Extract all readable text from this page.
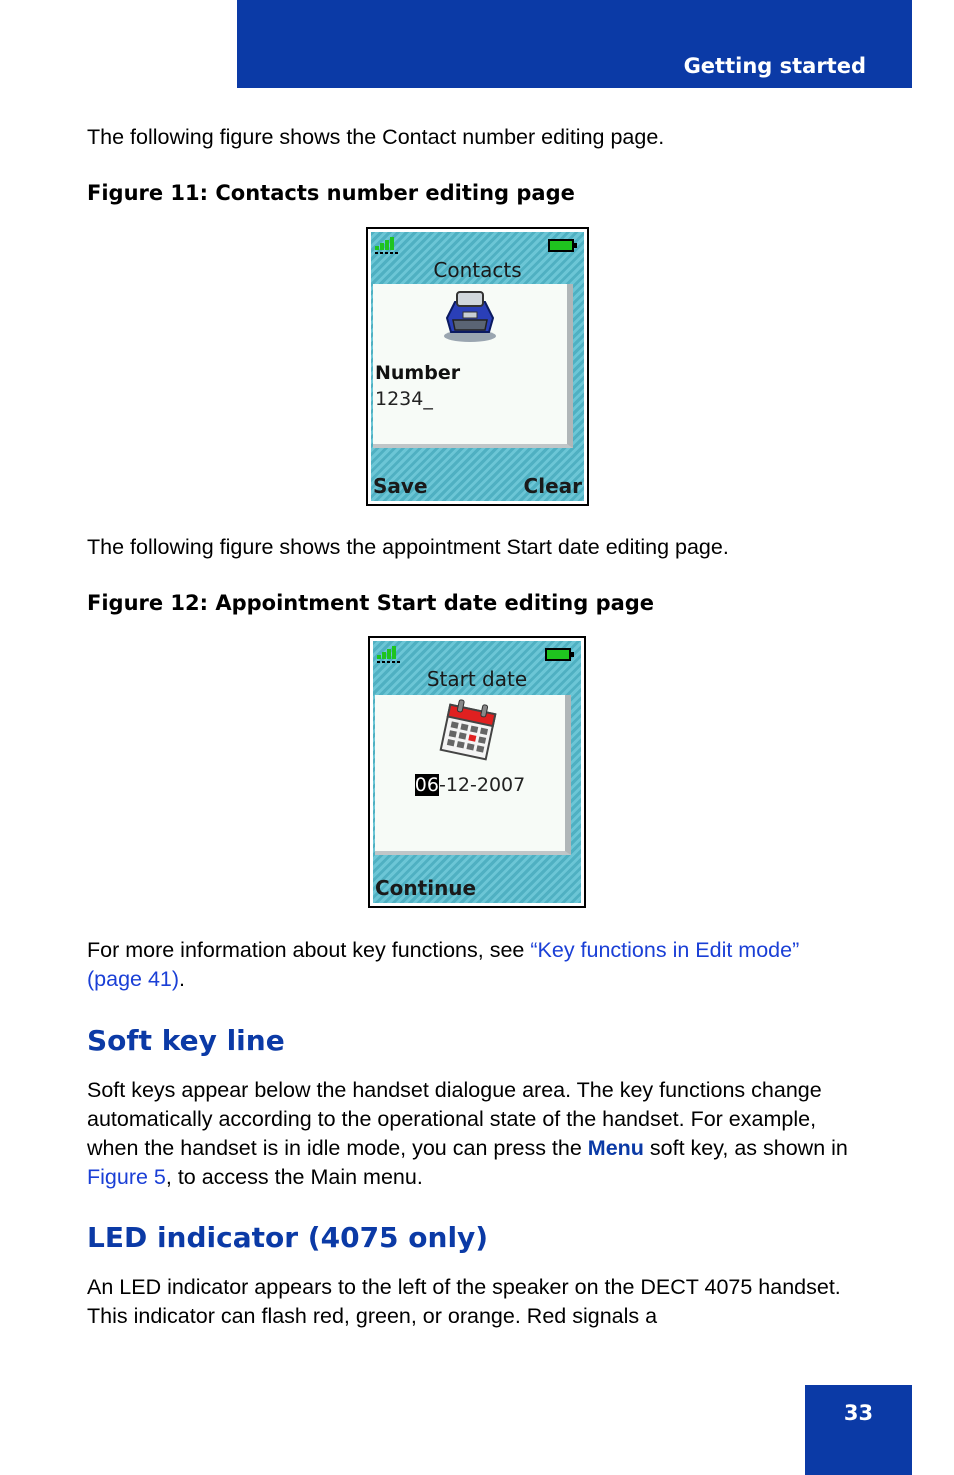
Getting started
The following figure shows the Contact number editing page.
Figure 11: Contacts number editing page
Contacts
Number
1234_
Save	Clear
The following figure shows the appointment Start date editing page.
Figure 12: Appointment Start date editing page
Start date
06-12-2007
Continue
For more information about key functions, see “Key functions in Edit mode” (page 41).
Soft key line
Soft keys appear below the handset dialogue area. The key functions change automatically according to the operational state of the handset. For example, when the handset is in idle mode, you can press the Menu soft key, as shown in Figure 5, to access the Main menu.
LED indicator (4075 only)
An LED indicator appears to the left of the speaker on the DECT 4075 handset. This indicator can flash red, green, or orange. Red signals a
33
